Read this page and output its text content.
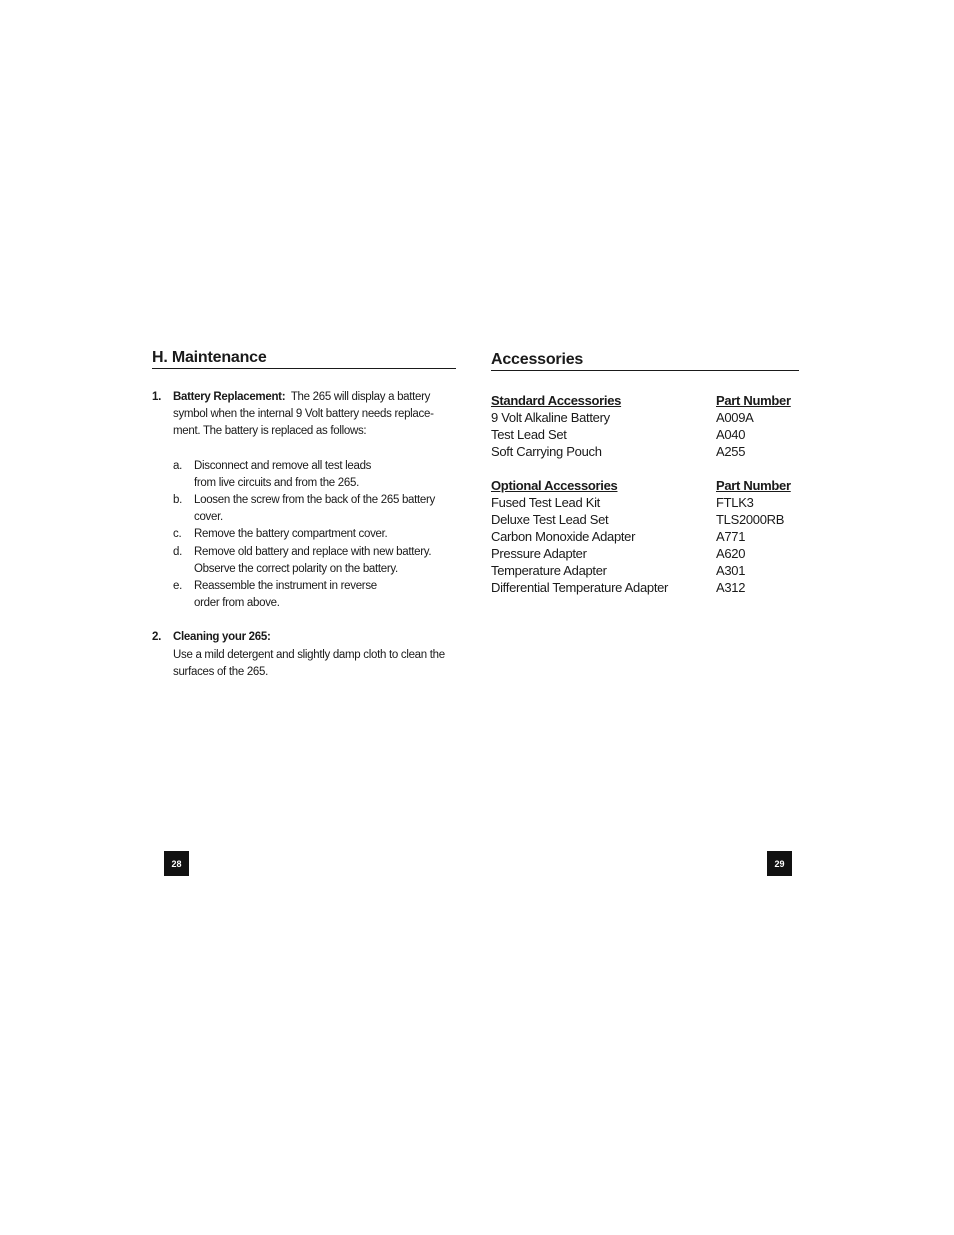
H. Maintenance
1. Battery Replacement:  The 265 will display a battery
symbol when the internal 9 Volt battery needs replace-
ment. The battery is replaced as follows:
a. Disconnect and remove all test leads
from live circuits and from the 265.
b. Loosen the screw from the back of the 265 battery
cover.
c. Remove the battery compartment cover.
d. Remove old battery and replace with new battery.
Observe the correct polarity on the battery.
e. Reassemble the instrument in reverse
order from above.
2. Cleaning your 265:
Use a mild detergent and slightly damp cloth to clean the
surfaces of the 265.
Accessories
Standard Accessories	Part Number
9 Volt Alkaline Battery	A009A
Test Lead Set	A040
Soft Carrying Pouch	A255
Optional Accessories	Part Number
Fused Test Lead Kit	FTLK3
Deluxe Test Lead Set	TLS2000RB
Carbon Monoxide Adapter	A771
Pressure Adapter	A620
Temperature Adapter	A301
Differential Temperature Adapter	A312
28	29
